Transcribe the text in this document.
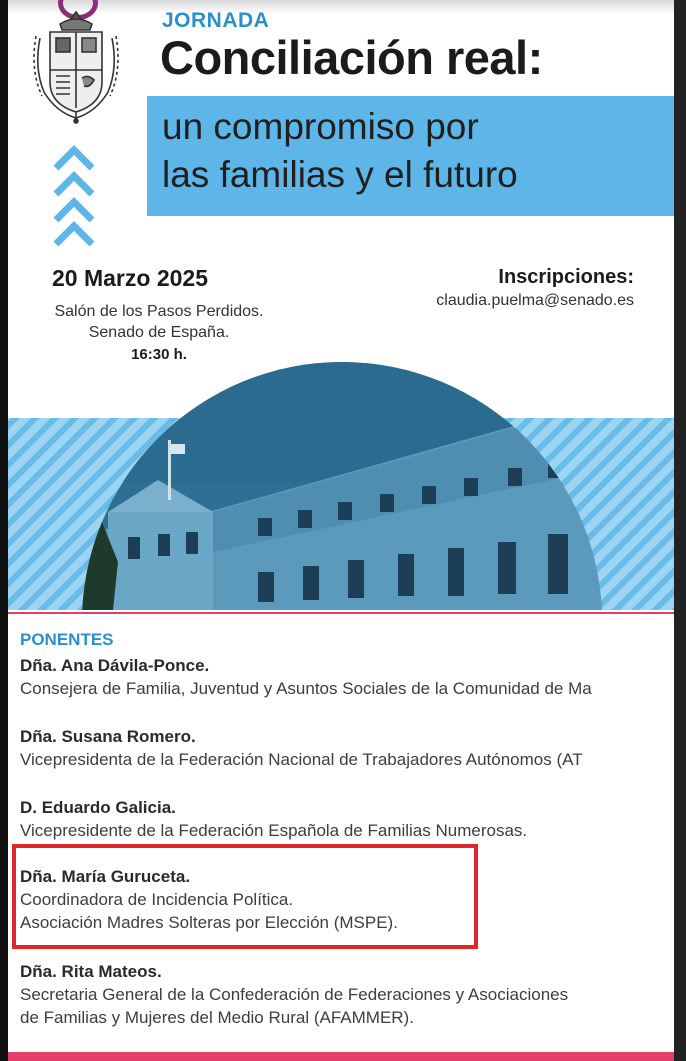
JORNADA
Conciliación real:
un compromiso por
las familias y el futuro
20 Marzo 2025
Salón de los Pasos Perdidos.
Senado de España.
16:30 h.
Inscripciones:
claudia.puelma@senado.es
PONENTES
Dña. Ana Dávila-Ponce.
Consejera de Familia, Juventud y Asuntos Sociales de la Comunidad de Ma
Dña. Susana Romero.
Vicepresidenta de la Federación Nacional de Trabajadores Autónomos (AT
D. Eduardo Galicia.
Vicepresidente de la Federación Española de Familias Numerosas.
Dña. María Guruceta.
Coordinadora de Incidencia Política.
Asociación Madres Solteras por Elección (MSPE).
Dña. Rita Mateos.
Secretaria General de la Confederación de Federaciones y Asociaciones
de Familias y Mujeres del Medio Rural (AFAMMER).
